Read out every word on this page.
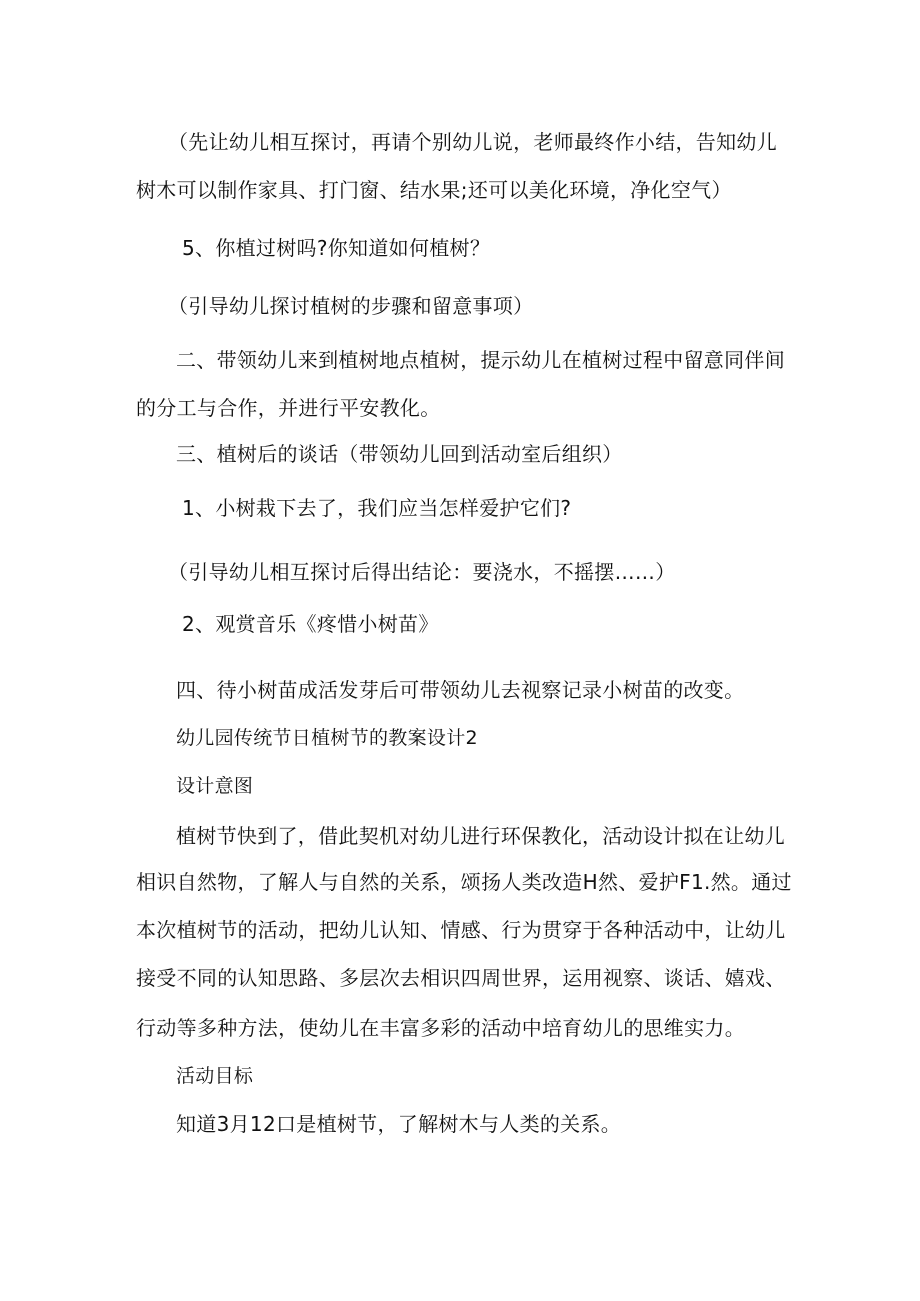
（先让幼儿相互探讨，再请个别幼儿说，老师最终作小结，告知幼儿
树木可以制作家具、打门窗、结水果;还可以美化环境，净化空气）
5、你植过树吗?你知道如何植树？
（引导幼儿探讨植树的步骤和留意事项）
二、带领幼儿来到植树地点植树，提示幼儿在植树过程中留意同伴间
的分工与合作，并进行平安教化。
三、植树后的谈话（带领幼儿回到活动室后组织）
1、小树栽下去了，我们应当怎样爱护它们?
（引导幼儿相互探讨后得出结论：要浇水，不摇摆……）
2、观赏音乐《疼惜小树苗》
四、待小树苗成活发芽后可带领幼儿去视察记录小树苗的改变。
幼儿园传统节日植树节的教案设计2
设计意图
植树节快到了，借此契机对幼儿进行环保教化，活动设计拟在让幼儿
相识自然物，了解人与自然的关系，颂扬人类改造H然、爱护F1.然。通过
本次植树节的活动，把幼儿认知、情感、行为贯穿于各种活动中，让幼儿
接受不同的认知思路、多层次去相识四周世界，运用视察、谈话、嬉戏、
行动等多种方法，使幼儿在丰富多彩的活动中培育幼儿的思维实力。
活动目标
知道3月12口是植树节，了解树木与人类的关系。
